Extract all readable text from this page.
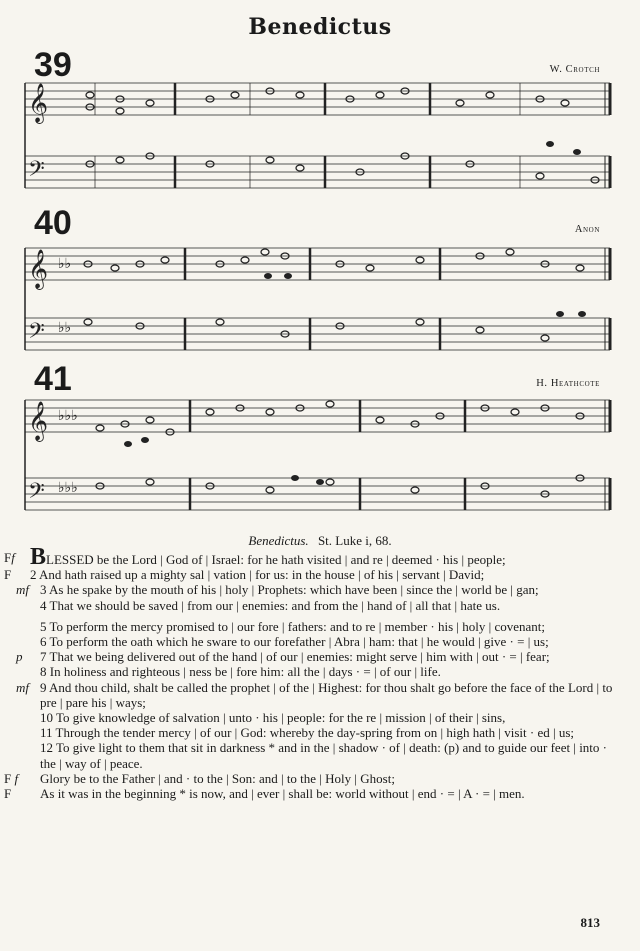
Benedictus
39	W. Crotch
𝄞
𝄢
40	Anon
𝄞
𝄢
♭♭
♭♭
41	H. Heathcote
𝄞
𝄢
♭♭♭
♭♭♭
Benedictus. St. Luke i, 68.
Ff BLESSED be the Lord | God of | Israel: for he hath visited | and re | deemed · his | people;
F	2 And hath raised up a mighty sal | vation | for us: in the house | of his | servant | David;
mf 3 As he spake by the mouth of his | holy | Prophets: which have been | since the | world be | gan;
4 That we should be saved | from our | enemies: and from the | hand of | all that | hate us.
5 To perform the mercy promised to | our fore | fathers: and to re | member · his | holy | covenant;
6 To perform the oath which he sware to our forefather | Abra | ham: that | he would | give · = | us;
p	7 That we being delivered out of the hand | of our | enemies: might serve | him with | out · = | fear;
8 In holiness and righteous | ness be | fore him: all the | days · = | of our | life.
mf 9 And thou child, shalt be called the prophet | of the | Highest: for thou shalt go before the face of the Lord | to pre | pare his | ways;
10 To give knowledge of salvation | unto · his | people: for the re | mission | of their | sins,
11 Through the tender mercy | of our | God: whereby the day-spring from on | high hath | visit · ed | us;
12 To give light to them that sit in darkness * and in the | shadow · of | death: (p) and to guide our feet | into · the | way of | peace.
F f	Glory be to the Father | and · to the | Son: and | to the | Holy | Ghost;
F	As it was in the beginning * is now, and | ever | shall be: world without | end · = | A · = | men.
813
